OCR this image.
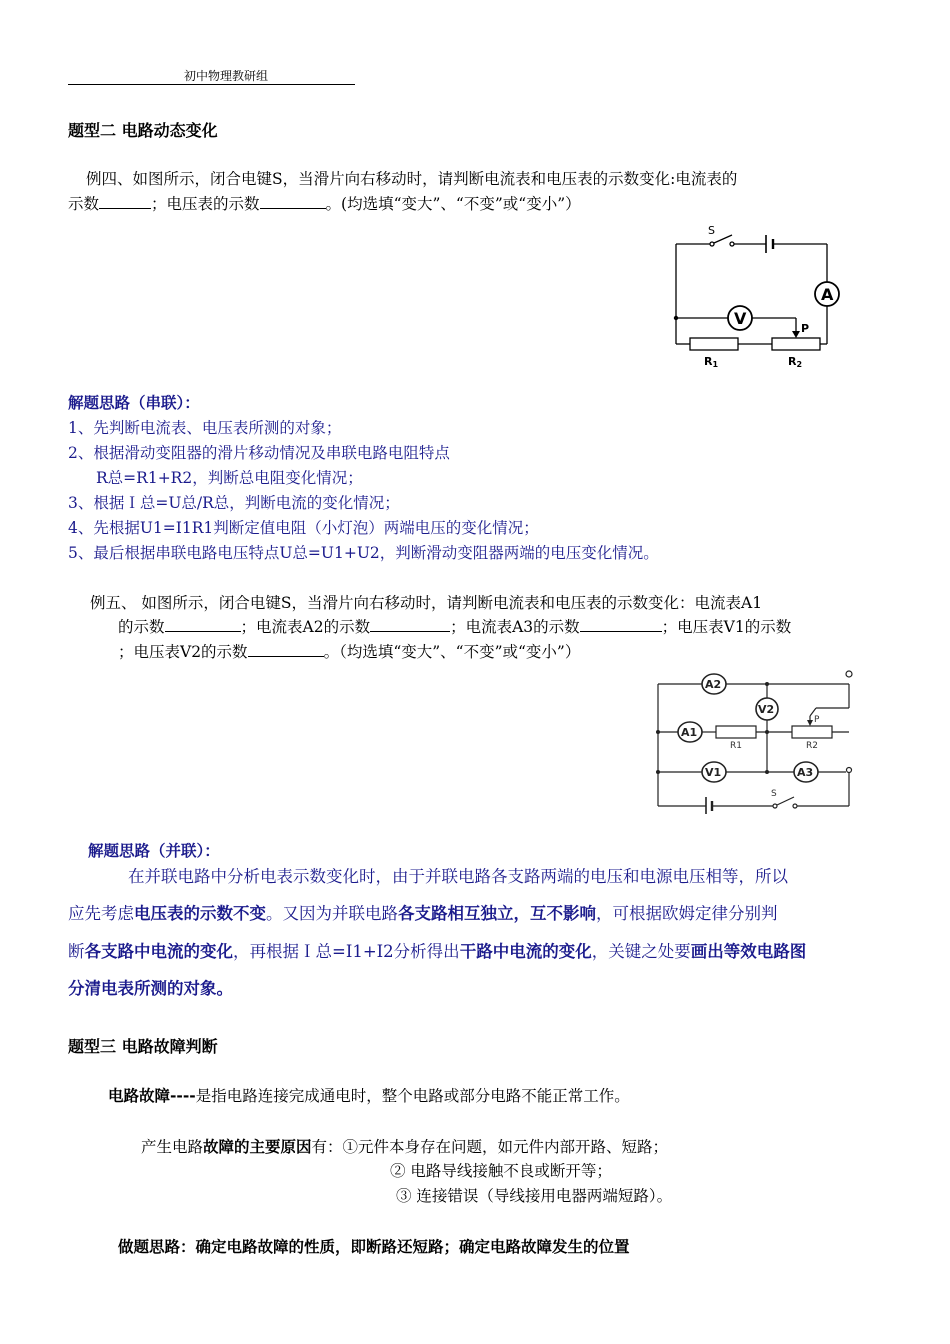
初中物理教研组
题型二 电路动态变化
例四、如图所示，闭合电键S，当滑片向右移动时，请判断电流表和电压表的示数变化:电流表的
示数	；电压表的示数	。(均选填“变大”、“不变”或“变小”）
S
A
V
P
R1	R2
解题思路（串联）：
1、先判断电流表、电压表所测的对象；
2、根据滑动变阻器的滑片移动情况及串联电路电阻特点
R总=R1+R2，判断总电阻变化情况；
3、根据Ｉ总=U总/R总，判断电流的变化情况；
4、先根据U1=I1R1判断定值电阻（小灯泡）两端电压的变化情况；
5、最后根据串联电路电压特点U总=U1+U2，判断滑动变阻器两端的电压变化情况。
例五、 如图所示，闭合电键S，当滑片向右移动时，请判断电流表和电压表的示数变化：电流表A1
的示数	；电流表A2的示数	；电流表A3的示数	；电压表V1的示数
；电压表V2的示数	。（均选填“变大”、“不变”或“变小”）
A2
A1
V2
V1	A3
R1	R2
P
S
解题思路（并联）：
在并联电路中分析电表示数变化时，由于并联电路各支路两端的电压和电源电压相等，所以
应先考虑电压表的示数不变。又因为并联电路各支路相互独立，互不影响，可根据欧姆定律分别判
断各支路中电流的变化，再根据Ｉ总=I1+I2分析得出干路中电流的变化，关键之处要画出等效电路图
分清电表所测的对象。
题型三 电路故障判断
电路故障----是指电路连接完成通电时，整个电路或部分电路不能正常工作。
产生电路故障的主要原因有：①元件本身存在问题，如元件内部开路、短路；
② 电路导线接触不良或断开等；
③ 连接错误（导线接用电器两端短路）。
做题思路：确定电路故障的性质，即断路还短路；确定电路故障发生的位置
